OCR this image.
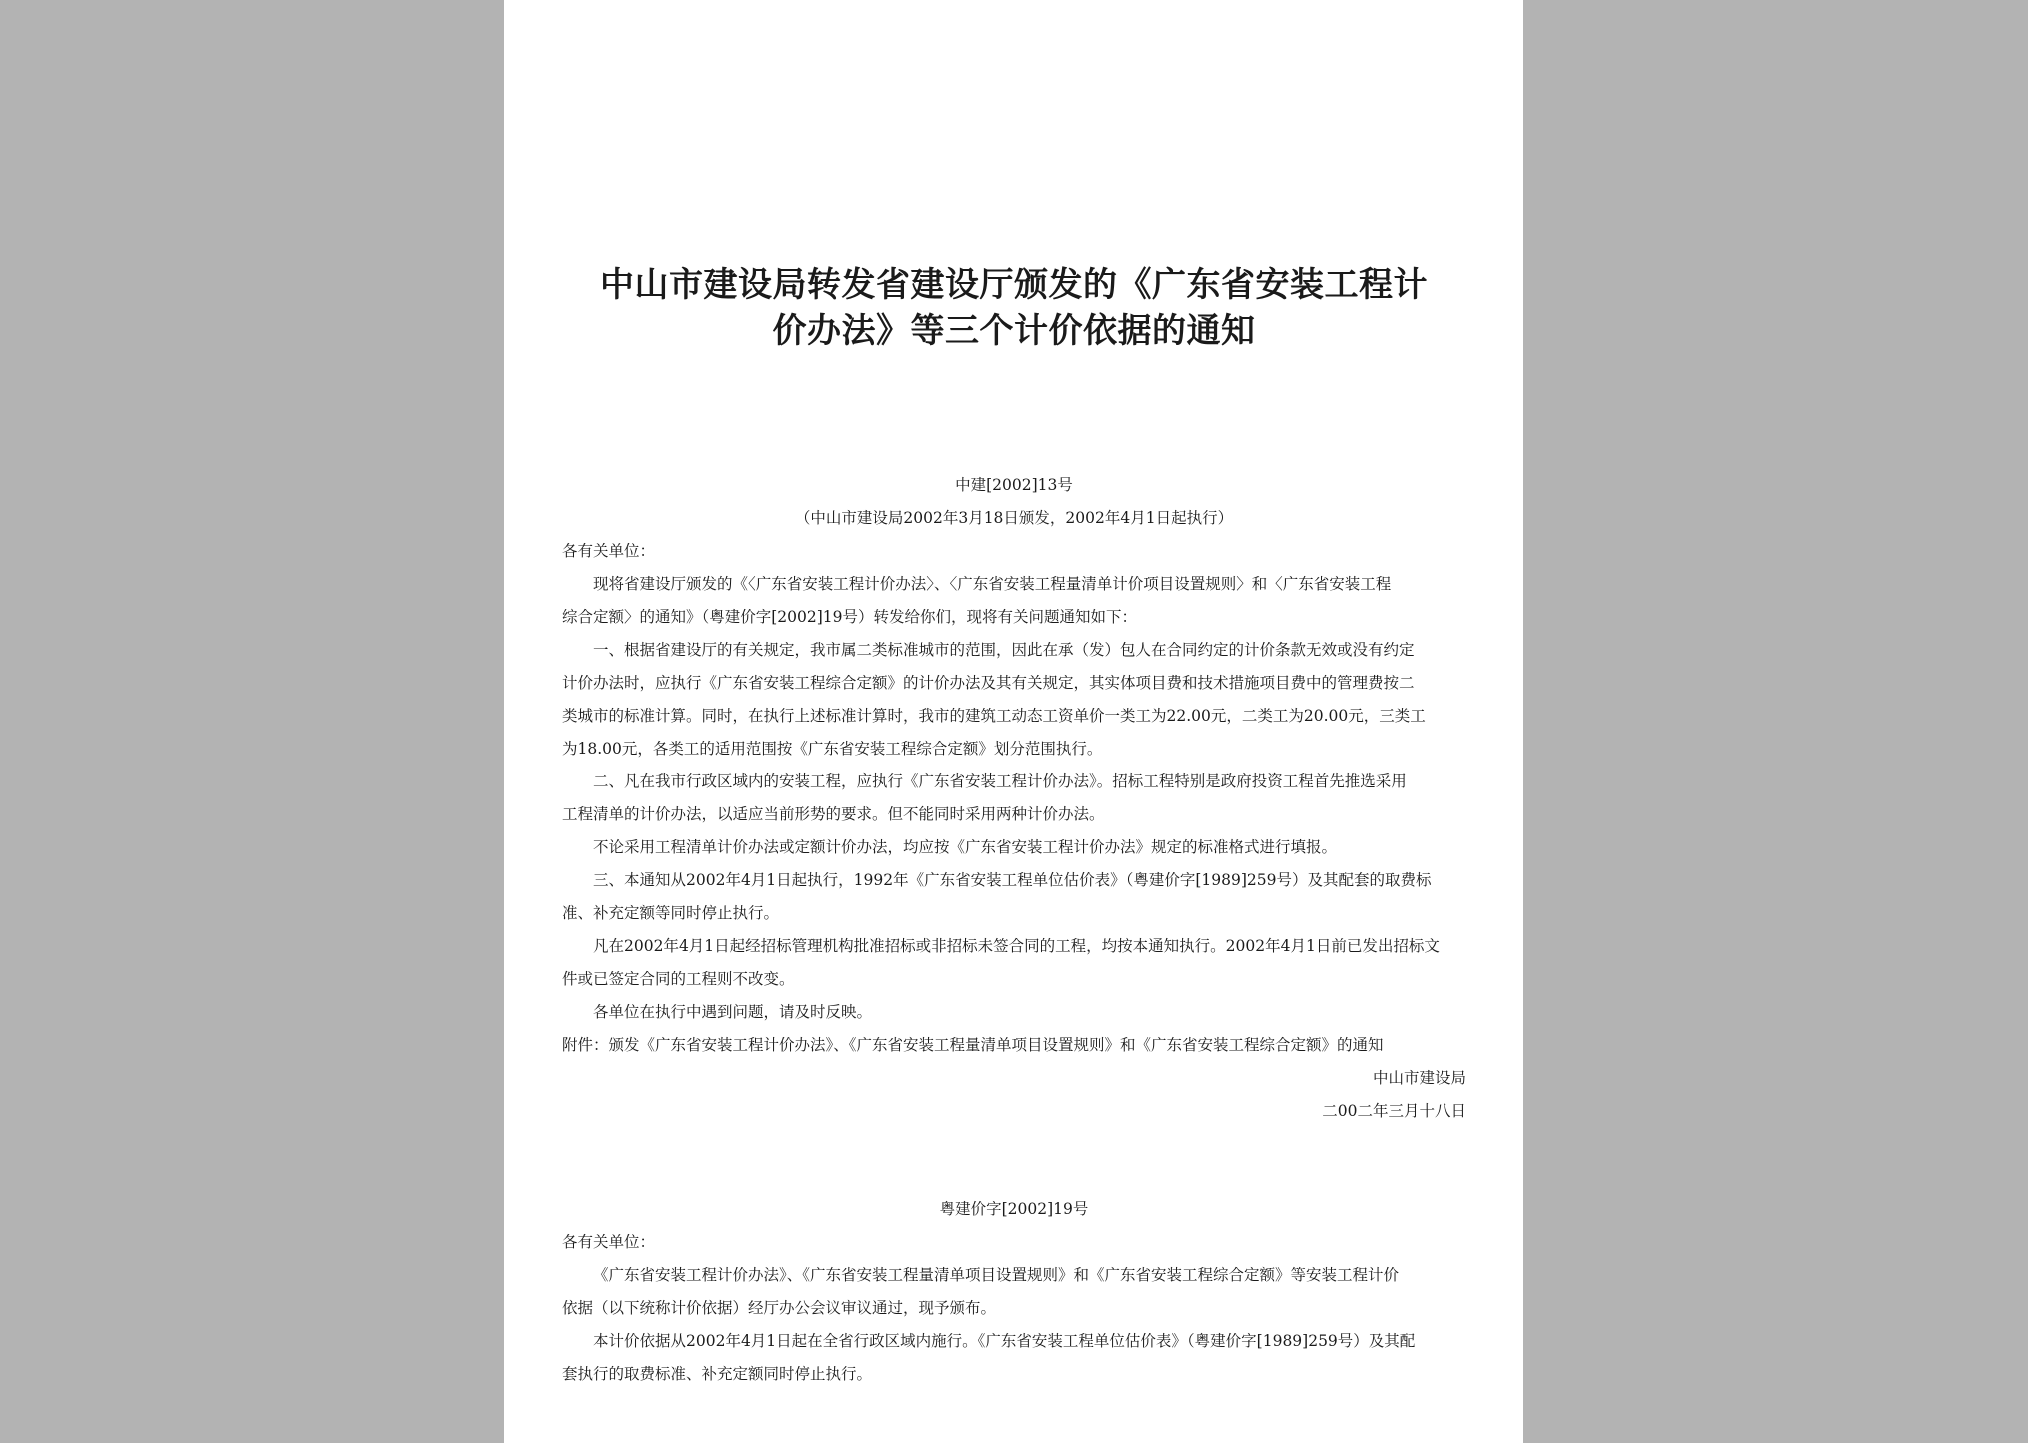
中山市建设局转发省建设厅颁发的《广东省安装工程计
价办法》等三个计价依据的通知
中建[2002]13号
（中山市建设局2002年3月18日颁发，2002年4月1日起执行）
各有关单位：

现将省建设厅颁发的《〈广东省安装工程计价办法〉、〈广东省安装工程量清单计价项目设置规则〉和〈广东省安装工程
综合定额〉的通知》（粤建价字[2002]19号）转发给你们，现将有关问题通知如下：

一、根据省建设厅的有关规定，我市属二类标准城市的范围，因此在承（发）包人在合同约定的计价条款无效或没有约定
计价办法时，应执行《广东省安装工程综合定额》的计价办法及其有关规定，其实体项目费和技术措施项目费中的管理费按二
类城市的标准计算。同时，在执行上述标准计算时，我市的建筑工动态工资单价一类工为22.00元，二类工为20.00元，三类工
为18.00元，各类工的适用范围按《广东省安装工程综合定额》划分范围执行。

二、凡在我市行政区域内的安装工程，应执行《广东省安装工程计价办法》。招标工程特别是政府投资工程首先推选采用
工程清单的计价办法，以适应当前形势的要求。但不能同时采用两种计价办法。

不论采用工程清单计价办法或定额计价办法，均应按《广东省安装工程计价办法》规定的标准格式进行填报。

三、本通知从2002年4月1日起执行，1992年《广东省安装工程单位估价表》（粤建价字[1989]259号）及其配套的取费标
准、补充定额等同时停止执行。

凡在2002年4月1日起经招标管理机构批准招标或非招标未签合同的工程，均按本通知执行。2002年4月1日前已发出招标文
件或已签定合同的工程则不改变。

各单位在执行中遇到问题，请及时反映。

附件：颁发《广东省安装工程计价办法》、《广东省安装工程量清单项目设置规则》和《广东省安装工程综合定额》的通知
中山市建设局
二00二年三月十八日
粤建价字[2002]19号
各有关单位：

《广东省安装工程计价办法》、《广东省安装工程量清单项目设置规则》和《广东省安装工程综合定额》等安装工程计价
依据（以下统称计价依据）经厅办公会议审议通过，现予颁布。

本计价依据从2002年4月1日起在全省行政区域内施行。《广东省安装工程单位估价表》（粤建价字[1989]259号）及其配
套执行的取费标准、补充定额同时停止执行。
